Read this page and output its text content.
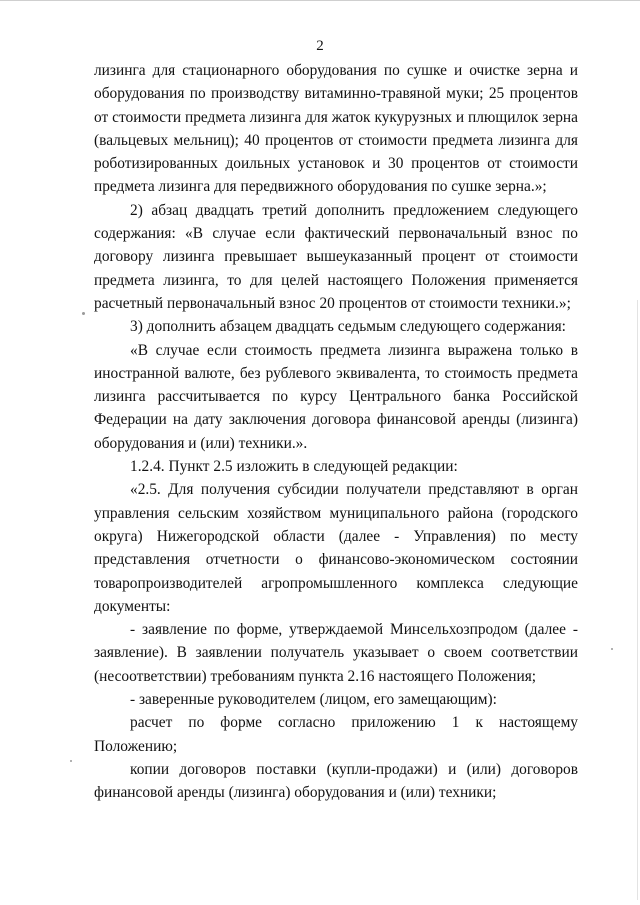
2

лизинга для стационарного оборудования по сушке и очистке зерна и оборудования по производству витаминно-травяной муки; 25 процентов от стоимости предмета лизинга для жаток кукурузных и плющилок зерна (вальцевых мельниц); 40 процентов от стоимости предмета лизинга для роботизированных доильных установок и 30 процентов от стоимости предмета лизинга для передвижного оборудования по сушке зерна.»;

2) абзац двадцать третий дополнить предложением следующего содержания: «В случае если фактический первоначальный взнос по договору лизинга превышает вышеуказанный процент от стоимости предмета лизинга, то для целей настоящего Положения применяется расчетный первоначальный взнос 20 процентов от стоимости техники.»;

3) дополнить абзацем двадцать седьмым следующего содержания:

«В случае если стоимость предмета лизинга выражена только в иностранной валюте, без рублевого эквивалента, то стоимость предмета лизинга рассчитывается по курсу Центрального банка Российской Федерации на дату заключения договора финансовой аренды (лизинга) оборудования и (или) техники.».

1.2.4. Пункт 2.5 изложить в следующей редакции:

«2.5. Для получения субсидии получатели представляют в орган управления сельским хозяйством муниципального района (городского округа) Нижегородской области (далее - Управления) по месту представления отчетности о финансово-экономическом состоянии товаропроизводителей агропромышленного комплекса следующие документы:

- заявление по форме, утверждаемой Минсельхозпродом (далее - заявление). В заявлении получатель указывает о своем соответствии (несоответствии) требованиям пункта 2.16 настоящего Положения;

- заверенные руководителем (лицом, его замещающим):

расчет по форме согласно приложению 1 к настоящему Положению;

копии договоров поставки (купли-продажи) и (или) договоров финансовой аренды (лизинга) оборудования и (или) техники;
